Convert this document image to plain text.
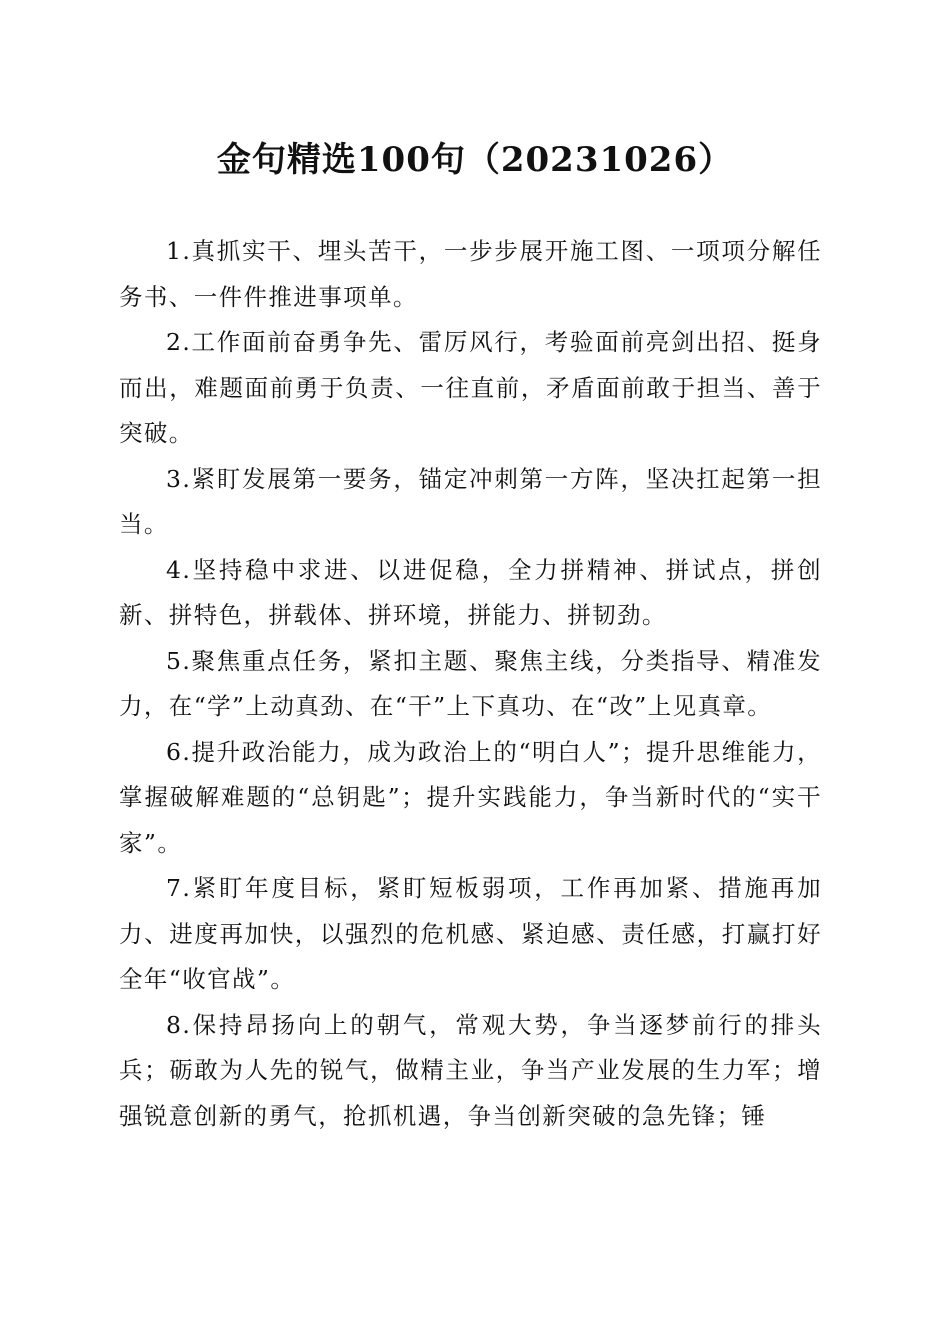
金句精选100句（20231026）

1.真抓实干、埋头苦干，一步步展开施工图、一项项分解任务书、一件件推进事项单。

2.工作面前奋勇争先、雷厉风行，考验面前亮剑出招、挺身而出，难题面前勇于负责、一往直前，矛盾面前敢于担当、善于突破。

3.紧盯发展第一要务，锚定冲刺第一方阵，坚决扛起第一担当。

4.坚持稳中求进、以进促稳，全力拼精神、拼试点，拼创新、拼特色，拼载体、拼环境，拼能力、拼韧劲。

5.聚焦重点任务，紧扣主题、聚焦主线，分类指导、精准发力，在“学”上动真劲、在“干”上下真功、在“改”上见真章。

6.提升政治能力，成为政治上的“明白人”；提升思维能力，掌握破解难题的“总钥匙”；提升实践能力，争当新时代的“实干家”。

7.紧盯年度目标，紧盯短板弱项，工作再加紧、措施再加力、进度再加快，以强烈的危机感、紧迫感、责任感，打赢打好全年“收官战”。

8.保持昂扬向上的朝气，常观大势，争当逐梦前行的排头兵；砺敢为人先的锐气，做精主业，争当产业发展的生力军；增强锐意创新的勇气，抢抓机遇，争当创新突破的急先锋；锤
